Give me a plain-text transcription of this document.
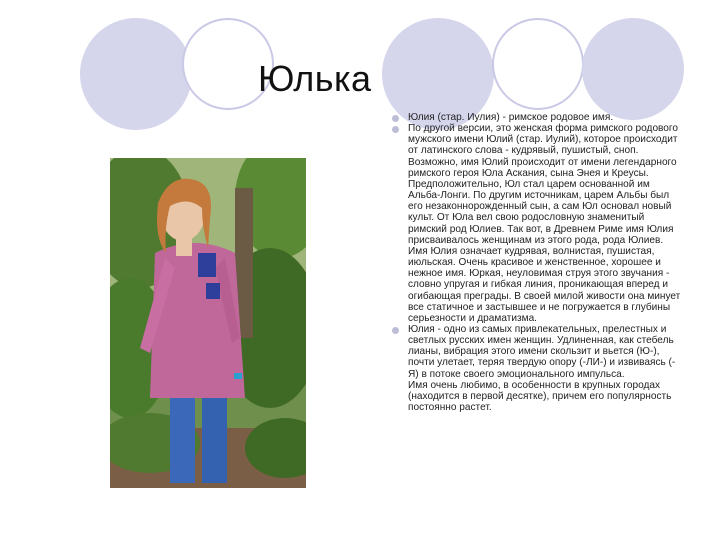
Юлька

Юлия (стар. Иулия) - римское родовое имя.

По другой версии, это женская форма римского родового мужского имени Юлий (стар. Иулий), которое происходит от латинского слова - кудрявый, пушистый, сноп. Возможно, имя Юлий происходит от имени легендарного римского героя Юла Аскания, сына Энея и Креусы. Предположительно, Юл стал царем основанной им Альба-Лонги. По другим источникам, царем Альбы был его незаконнорожденный сын, а сам Юл основал новый культ. От Юла вел свою родословную знаменитый римский род Юлиев. Так вот, в Древнем Риме имя Юлия присваивалось женщинам из этого рода, рода Юлиев.

Имя Юлия означает кудрявая, волнистая, пушистая, июльская. Очень красивое и женственное, хорошее и нежное имя. Юркая, неуловимая струя этого звучания - словно упругая и гибкая линия, проникающая вперед и огибающая преграды. В своей милой живости она минует все статичное и застывшее и не погружается в глубины серьезности и драматизма.

Юлия - одно из самых привлекательных, прелестных и светлых русских имен женщин. Удлиненная, как стебель лианы, вибрация этого имени скользит и вьется (Ю-), почти улетает, теряя твердую опору (-ЛИ-) и извиваясь (-Я) в потоке своего эмоционального импульса.

Имя очень любимо, в особенности в крупных городах (находится в первой десятке), причем его популярность постоянно растет.
